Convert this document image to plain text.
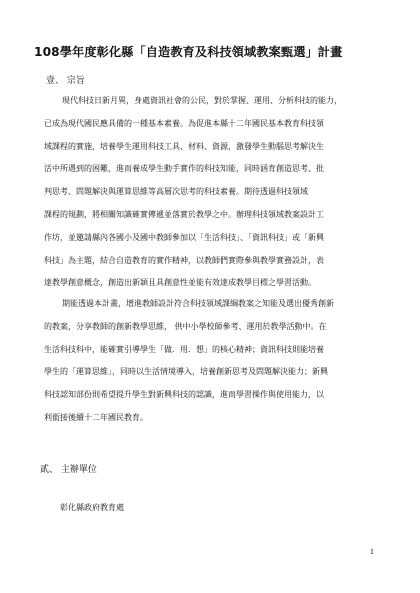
108學年度彰化縣「自造教育及科技領域教案甄選」計畫
壹、 宗旨
現代科技日新月異，身處資訊社會的公民，對於掌握、運用、分析科技的能力，
已成為現代國民應具備的一種基本素養。為促進本縣十二年國民基本教育科技領
域課程的實施，培養學生運用科技工具、材料、資源，激發學生動腦思考解決生
活中所遇到的困難，進而養成學生動手實作的科技知能，同時涵育創造思考、批
判思考、問題解決與運算思維等高層次思考的科技素養。期待透過科技領域
課程的規劃，將相關知識確實傳遞並落實於教學之中。辦理科技領域教案設計工
作坊，並邀請縣內各國小及國中教師參加以「生活科技」、「資訊科技」或「新興
科技」為主題，結合自造教育的實作精神，以教師們實際參與教學實務設計，表
達教學創意概念，創造出新穎且具創意性並能有效達成教學目標之學習活動。
期能透過本計畫，增進教師設計符合科技領域課綱教案之知能及選出優秀創新
的教案，分享教師的創新教學思維， 供中小學校師參考、運用於教學活動中。在
生活科技科中，能確實引導學生「做．用．想」的核心精神；資訊科技則能培養
學生的「運算思維」，同時以生活情境導入，培養創新思考及問題解決能力；新興
科技認知部份則希望提升學生對新興科技的認識，進而學習操作與使用能力，以
利銜接後續十二年國民教育。
貳、 主辦單位
彰化縣政府教育處
1
